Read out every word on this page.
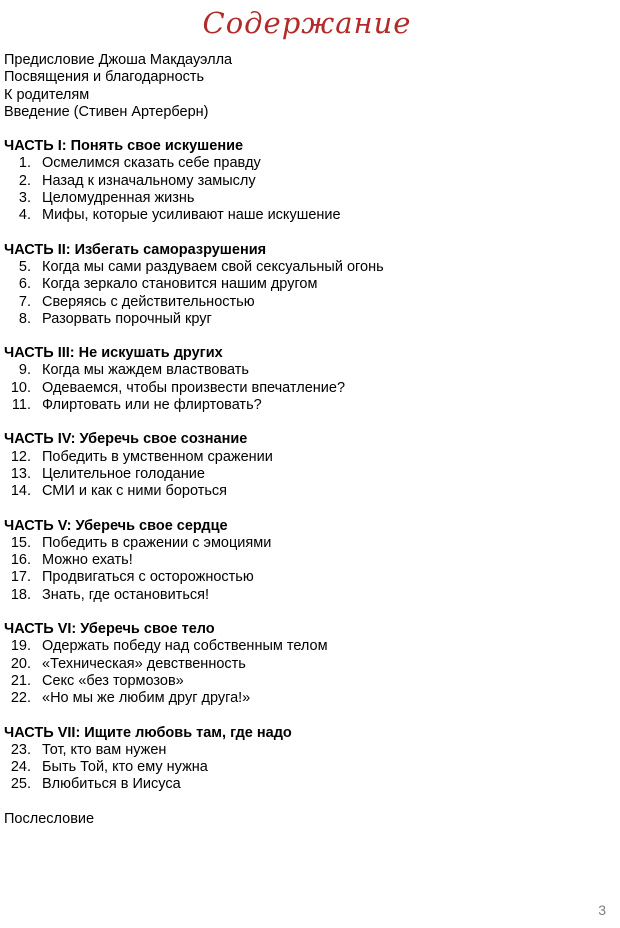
Содержание
Предисловие Джоша Макдауэлла
Посвящения и благодарность
К родителям
Введение (Стивен Артерберн)
ЧАСТЬ I: Понять свое искушение
1. Осмелимся сказать себе правду
2. Назад к изначальному замыслу
3. Целомудренная жизнь
4. Мифы, которые усиливают наше искушение
ЧАСТЬ II: Избегать саморазрушения
5. Когда мы сами раздуваем свой сексуальный огонь
6. Когда зеркало становится нашим другом
7. Сверяясь с действительностью
8. Разорвать порочный круг
ЧАСТЬ III: Не искушать других
9. Когда мы жаждем властвовать
10. Одеваемся, чтобы произвести впечатление?
11. Флиртовать или не флиртовать?
ЧАСТЬ IV: Уберечь свое сознание
12. Победить в умственном сражении
13. Целительное голодание
14. СМИ и как с ними бороться
ЧАСТЬ V: Уберечь свое сердце
15. Победить в сражении с эмоциями
16. Можно ехать!
17. Продвигаться с осторожностью
18. Знать, где остановиться!
ЧАСТЬ VI: Уберечь свое тело
19. Одержать победу над собственным телом
20. «Техническая» девственность
21. Секс «без тормозов»
22. «Но мы же любим друг друга!»
ЧАСТЬ VII: Ищите любовь там, где надо
23. Тот, кто вам нужен
24. Быть Той, кто ему нужна
25. Влюбиться в Иисуса

Послесловие

3
